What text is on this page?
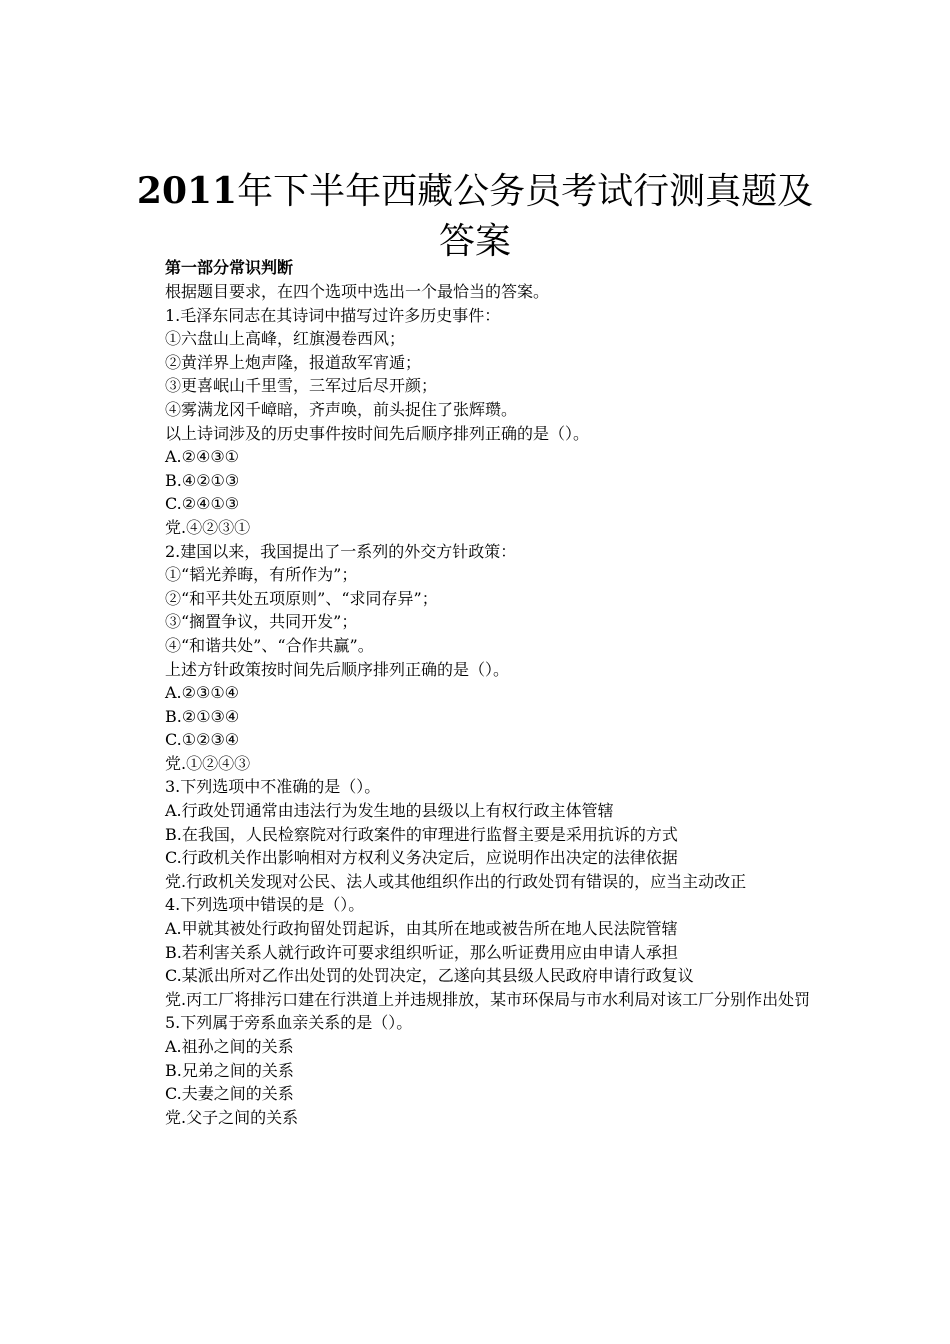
2011年下半年西藏公务员考试行测真题及答案

第一部分常识判断

根据题目要求，在四个选项中选出一个最恰当的答案。

1.毛泽东同志在其诗词中描写过许多历史事件：

①六盘山上高峰，红旗漫卷西风；

②黄洋界上炮声隆，报道敌军宵遁；

③更喜岷山千里雪，三军过后尽开颜；

④雾满龙冈千嶂暗，齐声唤，前头捉住了张辉瓒。

以上诗词涉及的历史事件按时间先后顺序排列正确的是（）。

A.②④③①

B.④②①③

C.②④①③

党.④②③①

2.建国以来，我国提出了一系列的外交方针政策：

①“韬光养晦，有所作为”；

②“和平共处五项原则”、“求同存异”；

③“搁置争议，共同开发”；

④“和谐共处”、“合作共赢”。

上述方针政策按时间先后顺序排列正确的是（）。

A.②③①④

B.②①③④

C.①②③④

党.①②④③

3.下列选项中不准确的是（）。

A.行政处罚通常由违法行为发生地的县级以上有权行政主体管辖

B.在我国，人民检察院对行政案件的审理进行监督主要是采用抗诉的方式

C.行政机关作出影响相对方权利义务决定后，应说明作出决定的法律依据

党.行政机关发现对公民、法人或其他组织作出的行政处罚有错误的，应当主动改正

4.下列选项中错误的是（）。

A.甲就其被处行政拘留处罚起诉，由其所在地或被告所在地人民法院管辖

B.若利害关系人就行政许可要求组织听证，那么听证费用应由申请人承担

C.某派出所对乙作出处罚的处罚决定，乙遂向其县级人民政府申请行政复议

党.丙工厂将排污口建在行洪道上并违规排放，某市环保局与市水利局对该工厂分别作出处罚

5.下列属于旁系血亲关系的是（）。

A.祖孙之间的关系

B.兄弟之间的关系

C.夫妻之间的关系

党.父子之间的关系
